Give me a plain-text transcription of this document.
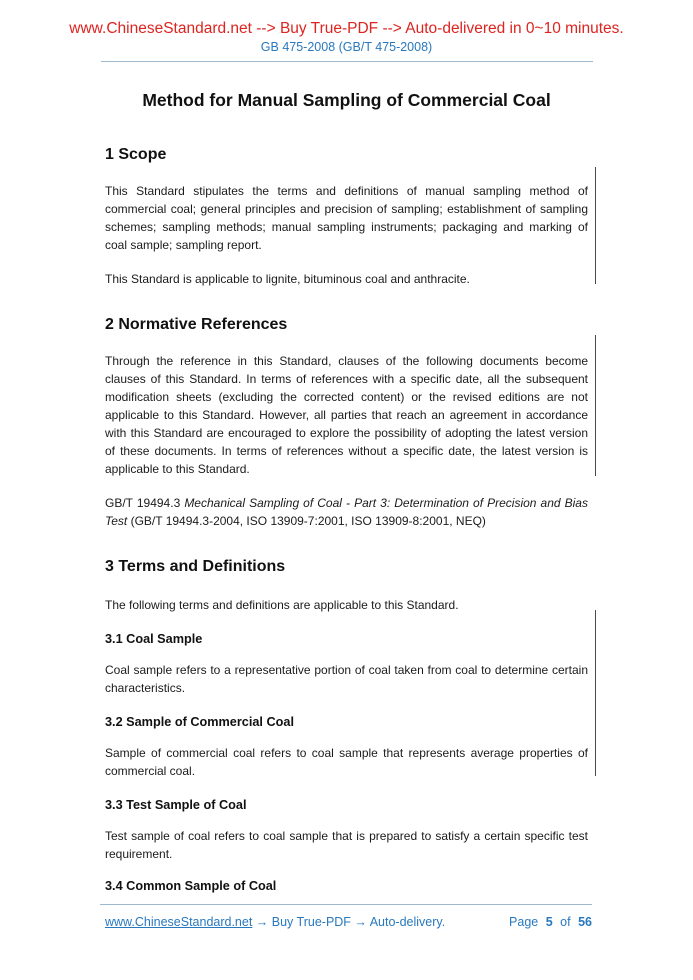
www.ChineseStandard.net --> Buy True-PDF --> Auto-delivered in 0~10 minutes.
GB 475-2008 (GB/T 475-2008)
Method for Manual Sampling of Commercial Coal
1 Scope

This Standard stipulates the terms and definitions of manual sampling method of commercial coal; general principles and precision of sampling; establishment of sampling schemes; sampling methods; manual sampling instruments; packaging and marking of coal sample; sampling report.

This Standard is applicable to lignite, bituminous coal and anthracite.

2 Normative References

Through the reference in this Standard, clauses of the following documents become clauses of this Standard. In terms of references with a specific date, all the subsequent modification sheets (excluding the corrected content) or the revised editions are not applicable to this Standard. However, all parties that reach an agreement in accordance with this Standard are encouraged to explore the possibility of adopting the latest version of these documents. In terms of references without a specific date, the latest version is applicable to this Standard.

GB/T 19494.3 Mechanical Sampling of Coal - Part 3: Determination of Precision and Bias Test (GB/T 19494.3-2004, ISO 13909-7:2001, ISO 13909-8:2001, NEQ)

3 Terms and Definitions

The following terms and definitions are applicable to this Standard.

3.1 Coal Sample

Coal sample refers to a representative portion of coal taken from coal to determine certain characteristics.

3.2 Sample of Commercial Coal

Sample of commercial coal refers to coal sample that represents average properties of commercial coal.

3.3 Test Sample of Coal

Test sample of coal refers to coal sample that is prepared to satisfy a certain specific test requirement.

3.4 Common Sample of Coal
www.ChineseStandard.net → Buy True-PDF → Auto-delivery.	Page 5 of 56
